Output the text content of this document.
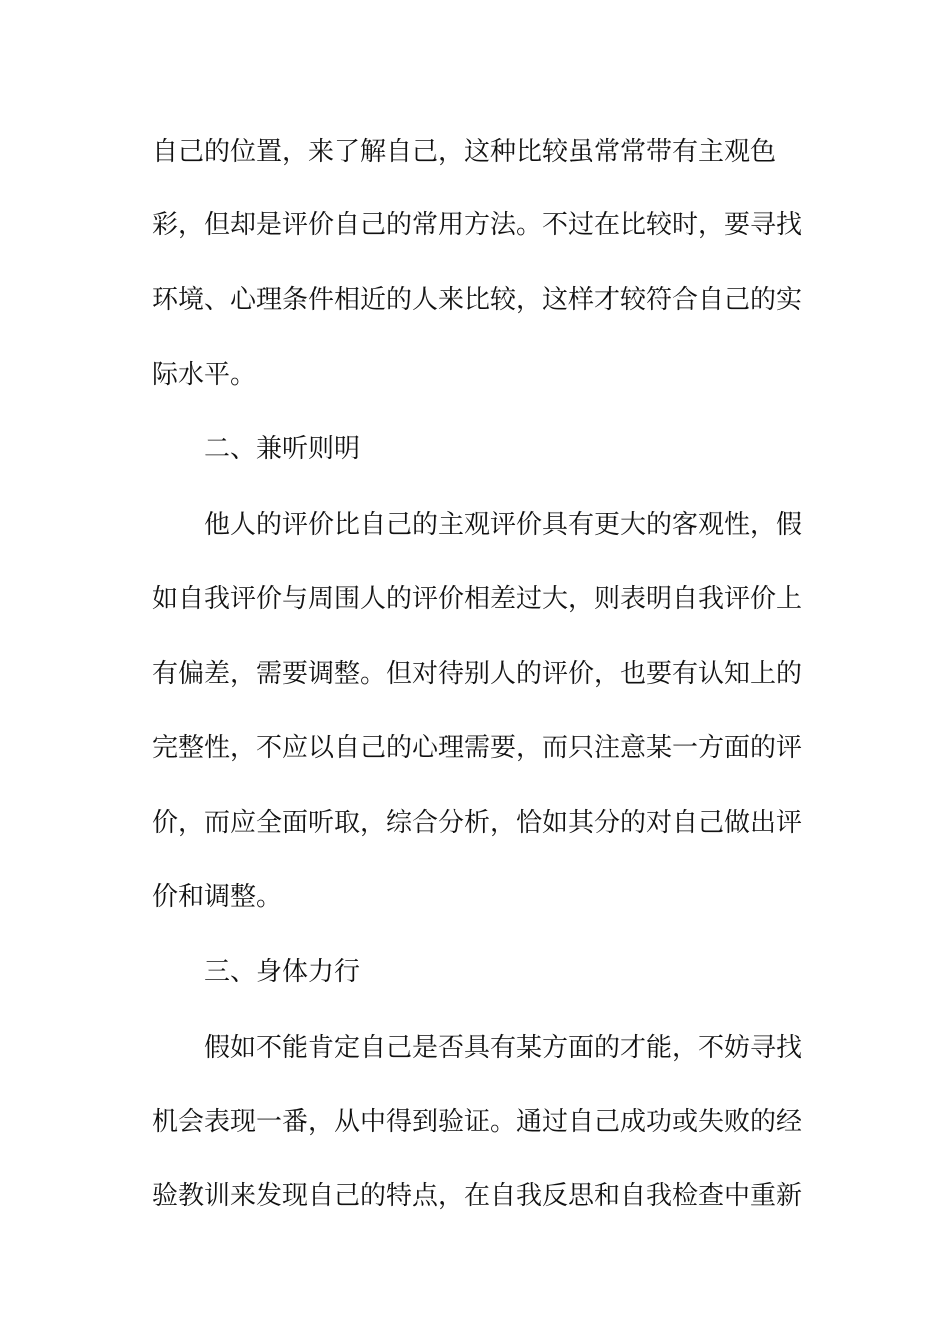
自己的位置，来了解自己，这种比较虽常常带有主观色
彩，但却是评价自己的常用方法。不过在比较时，要寻找
环境、心理条件相近的人来比较，这样才较符合自己的实
际水平。
二、兼听则明
他人的评价比自己的主观评价具有更大的客观性，假
如自我评价与周围人的评价相差过大，则表明自我评价上
有偏差，需要调整。但对待别人的评价，也要有认知上的
完整性，不应以自己的心理需要，而只注意某一方面的评
价，而应全面听取，综合分析，恰如其分的对自己做出评
价和调整。
三、身体力行
假如不能肯定自己是否具有某方面的才能，不妨寻找
机会表现一番，从中得到验证。通过自己成功或失败的经
验教训来发现自己的特点，在自我反思和自我检查中重新
